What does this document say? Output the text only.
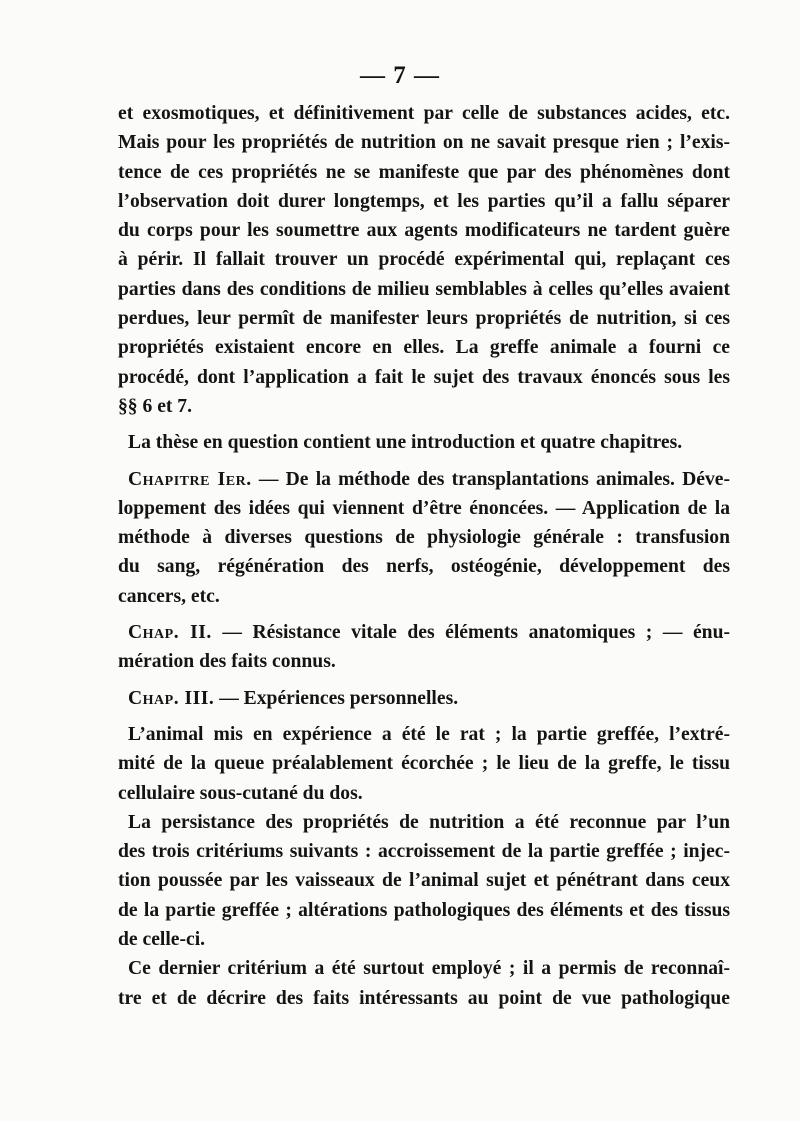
— 7 —
et exosmotiques, et définitivement par celle de substances acides, etc.
Mais pour les propriétés de nutrition on ne savait presque rien ; l’exis-
tence de ces propriétés ne se manifeste que par des phénomènes dont
l’observation doit durer longtemps, et les parties qu’il a fallu séparer
du corps pour les soumettre aux agents modificateurs ne tardent guère
à périr. Il fallait trouver un procédé expérimental qui, replaçant ces
parties dans des conditions de milieu semblables à celles qu’elles avaient
perdues, leur permît de manifester leurs propriétés de nutrition, si ces
propriétés existaient encore en elles. La greffe animale a fourni ce
procédé, dont l’application a fait le sujet des travaux énoncés sous les
§§ 6 et 7.
La thèse en question contient une introduction et quatre chapitres.
Chapitre Ier. — De la méthode des transplantations animales. Déve-
loppement des idées qui viennent d’être énoncées. — Application de la
méthode à diverses questions de physiologie générale : transfusion
du sang, régénération des nerfs, ostéogénie, développement des
cancers, etc.
Chap. II. — Résistance vitale des éléments anatomiques ; — énu-
mération des faits connus.
Chap. III. — Expériences personnelles.
L’animal mis en expérience a été le rat ; la partie greffée, l’extré-
mité de la queue préalablement écorchée ; le lieu de la greffe, le tissu
cellulaire sous-cutané du dos.
La persistance des propriétés de nutrition a été reconnue par l’un
des trois critériums suivants : accroissement de la partie greffée ; injec-
tion poussée par les vaisseaux de l’animal sujet et pénétrant dans ceux
de la partie greffée ; altérations pathologiques des éléments et des tissus
de celle-ci.
Ce dernier critérium a été surtout employé ; il a permis de reconnaî-
tre et de décrire des faits intéressants au point de vue pathologique
